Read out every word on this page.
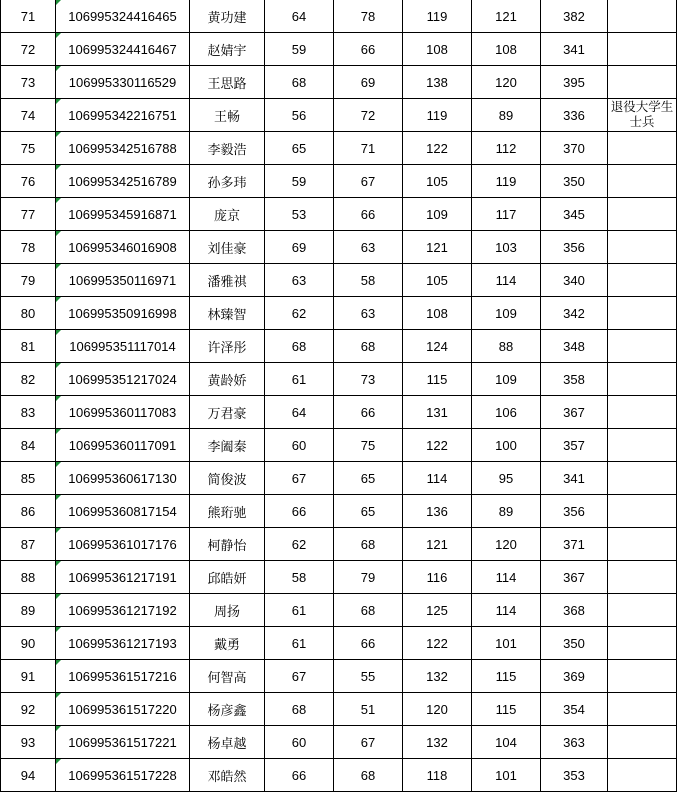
71	106995324416465	黄功建	64	78	119	121	382	
72	106995324416467	赵婧宇	59	66	108	108	341	
73	106995330116529	王思路	68	69	138	120	395	
74	106995342216751	王畅	56	72	119	89	336	退役大学生士兵
75	106995342516788	李毅浩	65	71	122	112	370	
76	106995342516789	孙多玮	59	67	105	119	350	
77	106995345916871	庞京	53	66	109	117	345	
78	106995346016908	刘佳豪	69	63	121	103	356	
79	106995350116971	潘雅祺	63	58	105	114	340	
80	106995350916998	林臻智	62	63	108	109	342	
81	106995351117014	许泽彤	68	68	124	88	348	
82	106995351217024	黄龄娇	61	73	115	109	358	
83	106995360117083	万君豪	64	66	131	106	367	
84	106995360117091	李阖秦	60	75	122	100	357	
85	106995360617130	简俊波	67	65	114	95	341	
86	106995360817154	熊珩驰	66	65	136	89	356	
87	106995361017176	柯静怡	62	68	121	120	371	
88	106995361217191	邱皓妍	58	79	116	114	367	
89	106995361217192	周扬	61	68	125	114	368	
90	106995361217193	戴勇	61	66	122	101	350	
91	106995361517216	何智高	67	55	132	115	369	
92	106995361517220	杨彦鑫	68	51	120	115	354	
93	106995361517221	杨卓越	60	67	132	104	363	
94	106995361517228	邓皓然	66	68	118	101	353	
